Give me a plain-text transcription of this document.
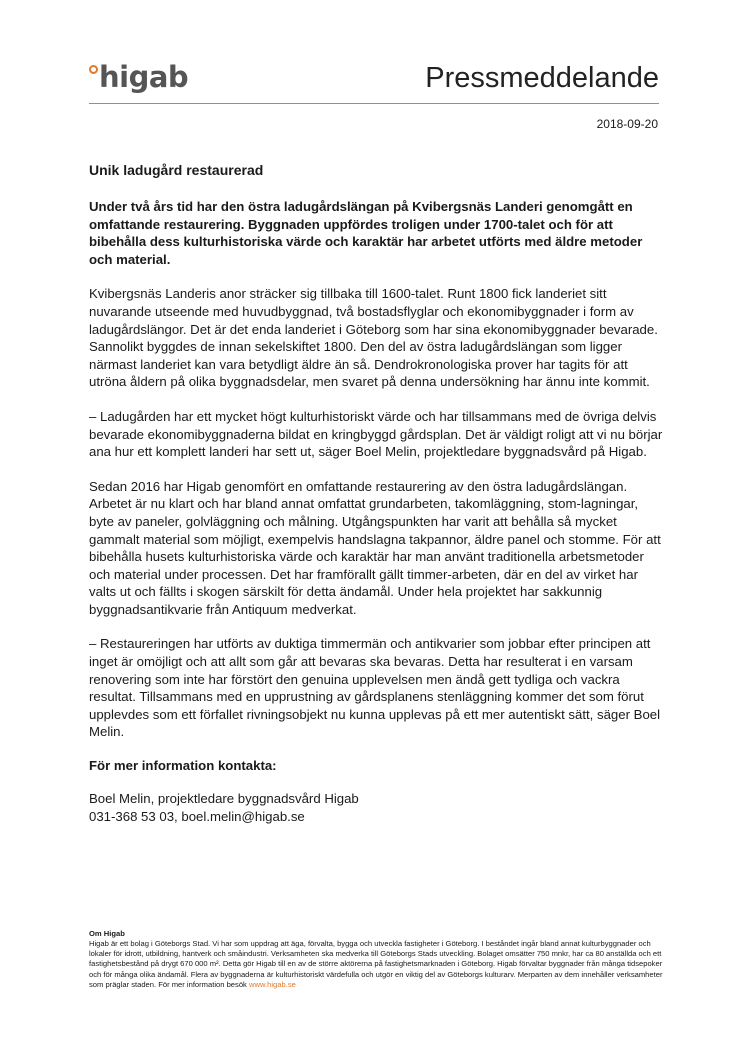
higab	Pressmeddelande
2018-09-20
Unik ladugård restaurerad

Under två års tid har den östra ladugårdslängan på Kvibergsnäs Landeri genomgått en omfattande restaurering. Byggnaden uppfördes troligen under 1700-talet och för att bibehålla dess kulturhistoriska värde och karaktär har arbetet utförts med äldre metoder och material.

Kvibergsnäs Landeris anor sträcker sig tillbaka till 1600-talet. Runt 1800 fick landeriet sitt nuvarande utseende med huvudbyggnad, två bostadsflyglar och ekonomibyggnader i form av ladugårdslängor. Det är det enda landeriet i Göteborg som har sina ekonomibyggnader bevarade. Sannolikt byggdes de innan sekelskiftet 1800. Den del av östra ladugårdslängan som ligger närmast landeriet kan vara betydligt äldre än så. Dendrokronologiska prover har tagits för att utröna åldern på olika byggnadsdelar, men svaret på denna undersökning har ännu inte kommit.

– Ladugården har ett mycket högt kulturhistoriskt värde och har tillsammans med de övriga delvis bevarade ekonomibyggnaderna bildat en kringbyggd gårdsplan. Det är väldigt roligt att vi nu börjar ana hur ett komplett landeri har sett ut, säger Boel Melin, projektledare byggnadsvård på Higab.

Sedan 2016 har Higab genomfört en omfattande restaurering av den östra ladugårdslängan. Arbetet är nu klart och har bland annat omfattat grundarbeten, takomläggning, stom-lagningar, byte av paneler, golvläggning och målning. Utgångspunkten har varit att behålla så mycket gammalt material som möjligt, exempelvis handslagna takpannor, äldre panel och stomme. För att bibehålla husets kulturhistoriska värde och karaktär har man använt traditionella arbetsmetoder och material under processen. Det har framförallt gällt timmer-arbeten, där en del av virket har valts ut och fällts i skogen särskilt för detta ändamål. Under hela projektet har sakkunnig byggnadsantikvarie från Antiquum medverkat.

– Restaureringen har utförts av duktiga timmermän och antikvarier som jobbar efter principen att inget är omöjligt och att allt som går att bevaras ska bevaras. Detta har resulterat i en varsam renovering som inte har förstört den genuina upplevelsen men ändå gett tydliga och vackra resultat. Tillsammans med en upprustning av gårdsplanens stenläggning kommer det som förut upplevdes som ett förfallet rivningsobjekt nu kunna upplevas på ett mer autentiskt sätt, säger Boel Melin.

För mer information kontakta:

Boel Melin, projektledare byggnadsvård Higab

031-368 53 03, boel.melin@higab.se

Om Higab

Higab är ett bolag i Göteborgs Stad. Vi har som uppdrag att äga, förvalta, bygga och utveckla fastigheter i Göteborg. I beståndet ingår bland annat kulturbyggnader och lokaler för idrott, utbildning, hantverk och småindustri. Verksamheten ska medverka till Göteborgs Stads utveckling. Bolaget omsätter 750 mnkr, har ca 80 anställda och ett fastighetsbestånd på drygt 670 000 m². Detta gör Higab till en av de större aktörerna på fastighetsmarknaden i Göteborg. Higab förvaltar byggnader från många tidsepoker och för många olika ändamål. Flera av byggnaderna är kulturhistoriskt värdefulla och utgör en viktig del av Göteborgs kulturarv. Merparten av dem innehåller verksamheter som präglar staden. För mer information besök www.higab.se
